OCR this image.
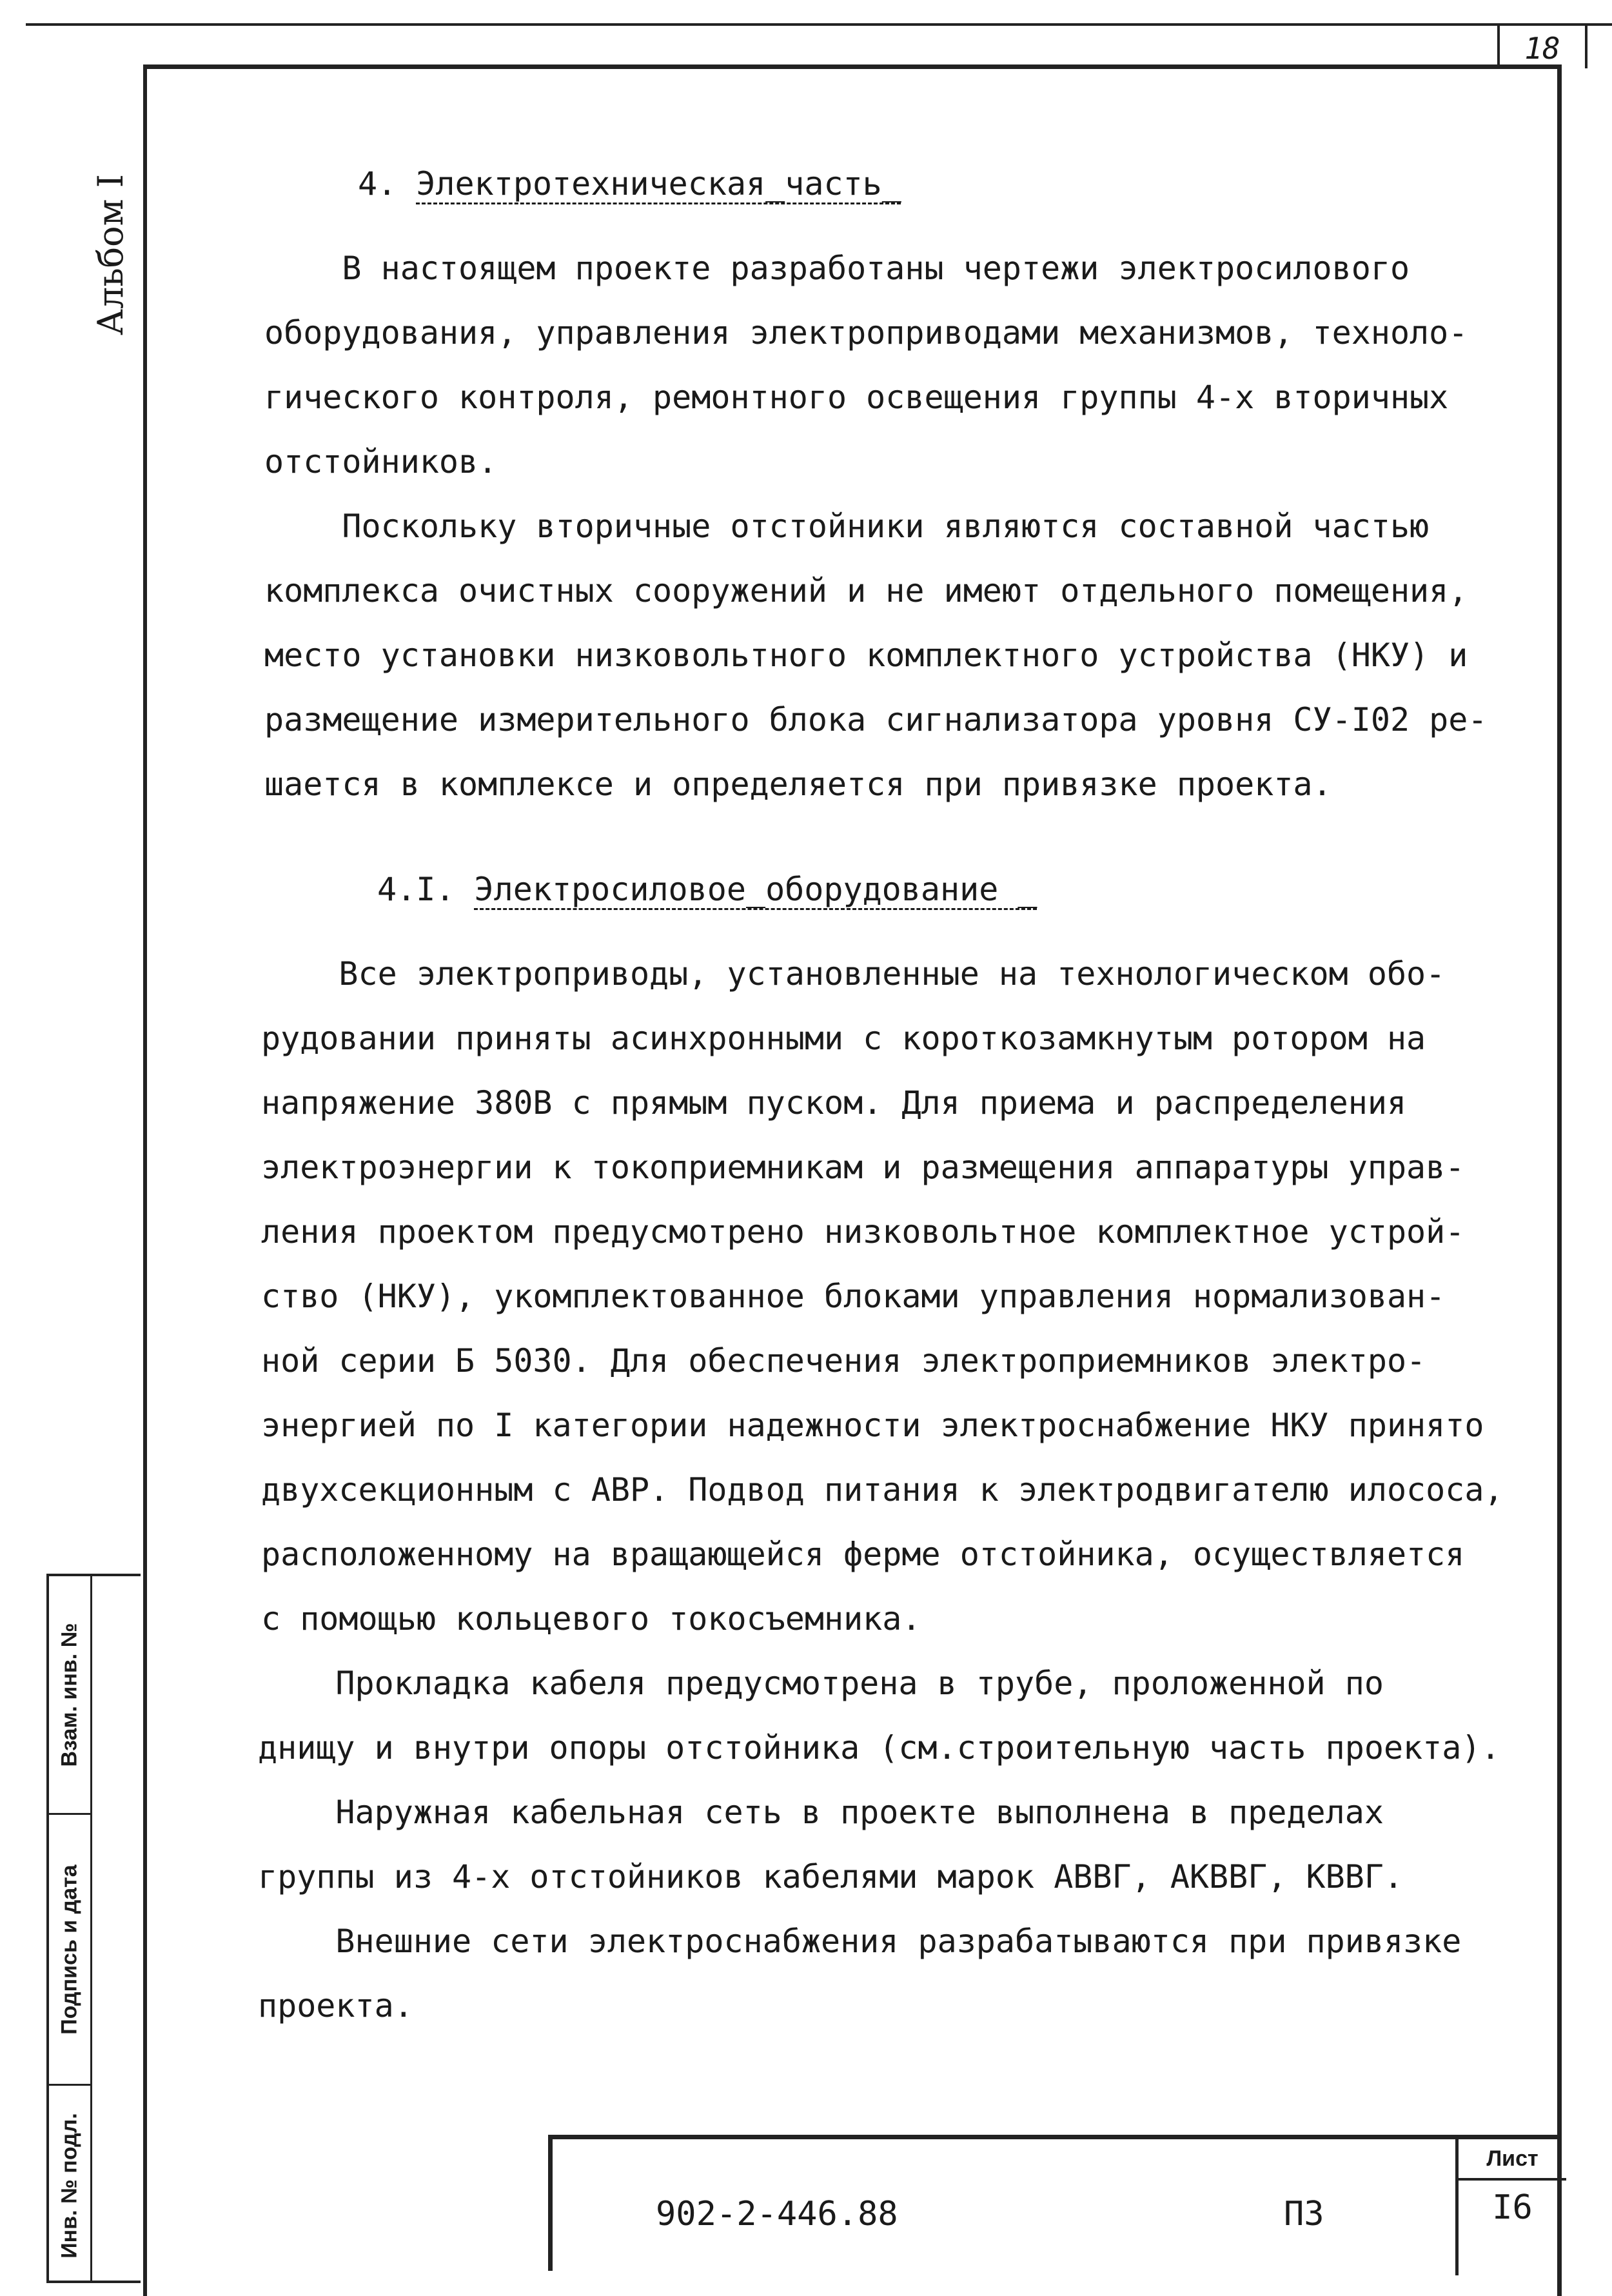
18
Альбом I	4. Электротехническая_часть_
В настоящем проекте разработаны чертежи электросилового
оборудования, управления электроприводами механизмов, техноло-
гического контроля, ремонтного освещения группы 4-х вторичных
отстойников.
Поскольку вторичные отстойники являются составной частью
комплекса очистных сооружений и не имеют отдельного помещения,
место установки низковольтного комплектного устройства (НКУ) и
размещение измерительного блока сигнализатора уровня СУ-I02 ре-
шается в комплексе и определяется при привязке проекта.
4.I. Электросиловое_оборудование _
Все электроприводы, установленные на технологическом обо-
рудовании приняты асинхронными с короткозамкнутым ротором на
напряжение 380В с прямым пуском. Для приема и распределения
электроэнергии к токоприемникам и размещения аппаратуры управ-
ления проектом предусмотрено низковольтное комплектное устрой-
ство (НКУ), укомплектованное блоками управления нормализован-
ной серии Б 5030. Для обеспечения электроприемников электро-
энергией по I категории надежности электроснабжение НКУ принято
двухсекционным с АВР. Подвод питания к электродвигателю илососа,
расположенному на вращающейся ферме отстойника, осуществляется
с помощью кольцевого токосъемника.
Прокладка кабеля предусмотрена в трубе, проложенной по
днищу и внутри опоры отстойника (см.строительную часть проекта).
Наружная кабельная сеть в проекте выполнена в пределах
группы из 4-х отстойников кабелями марок АВВГ, АКВВГ, КВВГ.
Внешние сети электроснабжения разрабатываются при привязке
проекта.
Взам. инв. №
Подпись и дата
Инв. № подл.	902-2-446.88	ПЗ
Лист
I6
